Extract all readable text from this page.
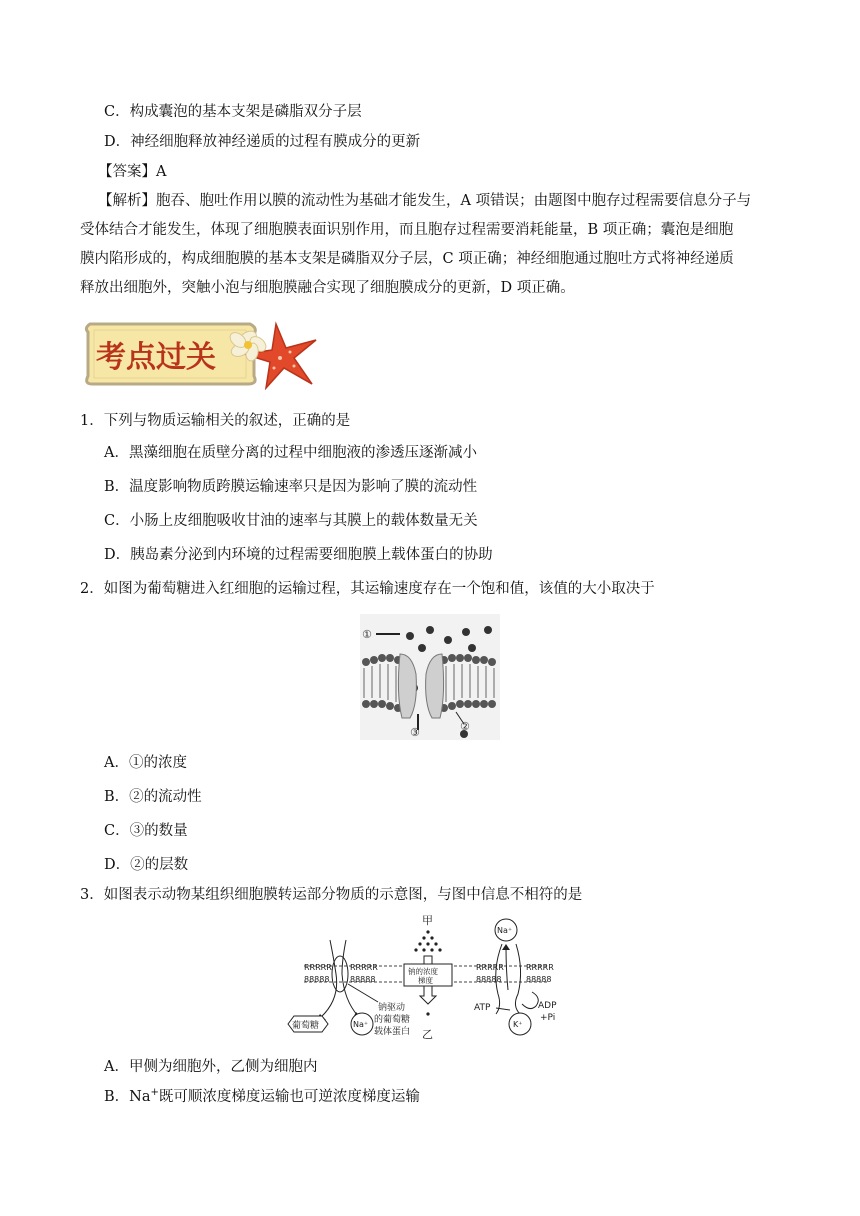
C．构成囊泡的基本支架是磷脂双分子层
D．神经细胞释放神经递质的过程有膜成分的更新
【答案】A
【解析】胞吞、胞吐作用以膜的流动性为基础才能发生，A 项错误；由题图中胞存过程需要信息分子与
受体结合才能发生，体现了细胞膜表面识别作用，而且胞存过程需要消耗能量，B 项正确；囊泡是细胞
膜内陷形成的，构成细胞膜的基本支架是磷脂双分子层，C 项正确；神经细胞通过胞吐方式将神经递质
释放出细胞外，突触小泡与细胞膜融合实现了细胞膜成分的更新，D 项正确。
考点过关
1．下列与物质运输相关的叙述，正确的是
A．黑藻细胞在质壁分离的过程中细胞液的渗透压逐渐减小
B．温度影响物质跨膜运输速率只是因为影响了膜的流动性
C．小肠上皮细胞吸收甘油的速率与其膜上的载体数量无关
D．胰岛素分泌到内环境的过程需要细胞膜上载体蛋白的协助
2．如图为葡萄糖进入红细胞的运输过程，其运输速度存在一个饱和值，该值的大小取决于
①
③	②
A．①的浓度
B．②的流动性
C．③的数量
D．②的层数
3．如图表示动物某组织细胞膜转运部分物质的示意图，与图中信息不相符的是
甲
RRRRR
88888
RRRRR
88888
RRRRR
88888
RRRRR
88888
钠的浓度
梯度
乙
葡萄糖	Na⁺
钠驱动
的葡萄糖
载体蛋白
Na⁺
ATP	ADP
+Pi
K⁺
A．甲侧为细胞外，乙侧为细胞内
B．Na+既可顺浓度梯度运输也可逆浓度梯度运输
